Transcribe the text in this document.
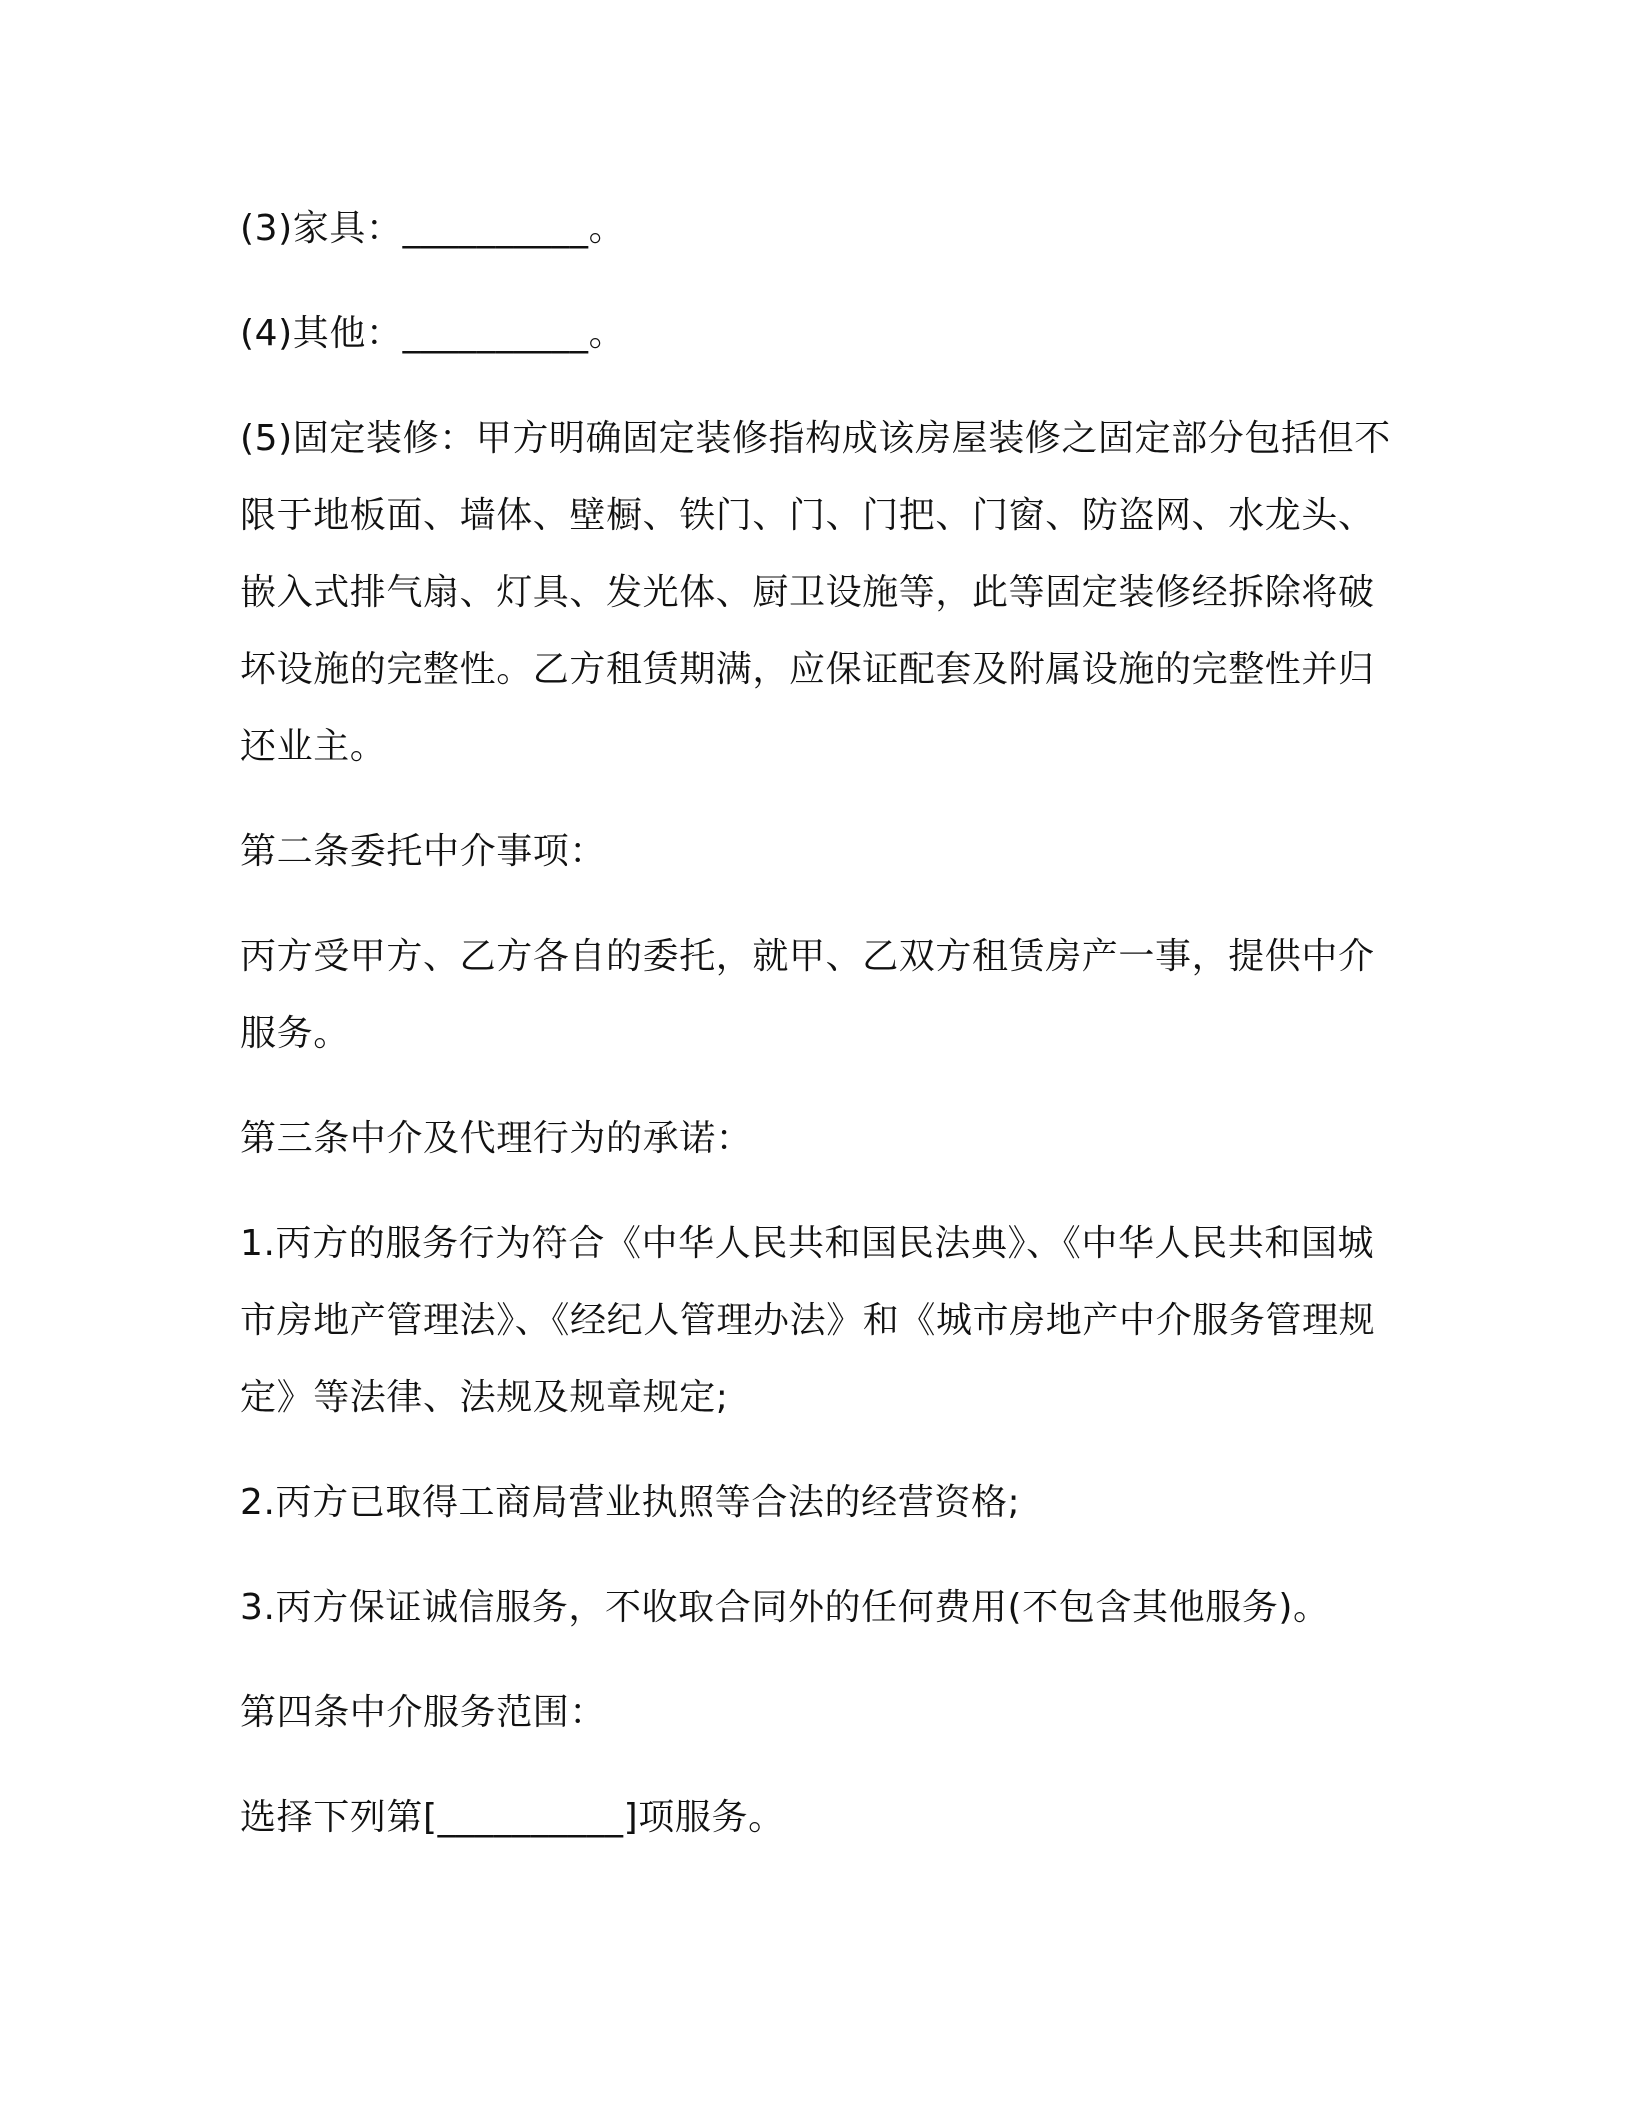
(3)家具：__________。

(4)其他：__________。

(5)固定装修：甲方明确固定装修指构成该房屋装修之固定部分包括但不限于地板面、墙体、壁橱、铁门、门、门把、门窗、防盗网、水龙头、嵌入式排气扇、灯具、发光体、厨卫设施等，此等固定装修经拆除将破坏设施的完整性。乙方租赁期满，应保证配套及附属设施的完整性并归还业主。

第二条委托中介事项：

丙方受甲方、乙方各自的委托，就甲、乙双方租赁房产一事，提供中介服务。

第三条中介及代理行为的承诺：

1.丙方的服务行为符合《中华人民共和国民法典》、《中华人民共和国城市房地产管理法》、《经纪人管理办法》和《城市房地产中介服务管理规定》等法律、法规及规章规定;

2.丙方已取得工商局营业执照等合法的经营资格;

3.丙方保证诚信服务，不收取合同外的任何费用(不包含其他服务)。

第四条中介服务范围：

选择下列第[__________]项服务。
